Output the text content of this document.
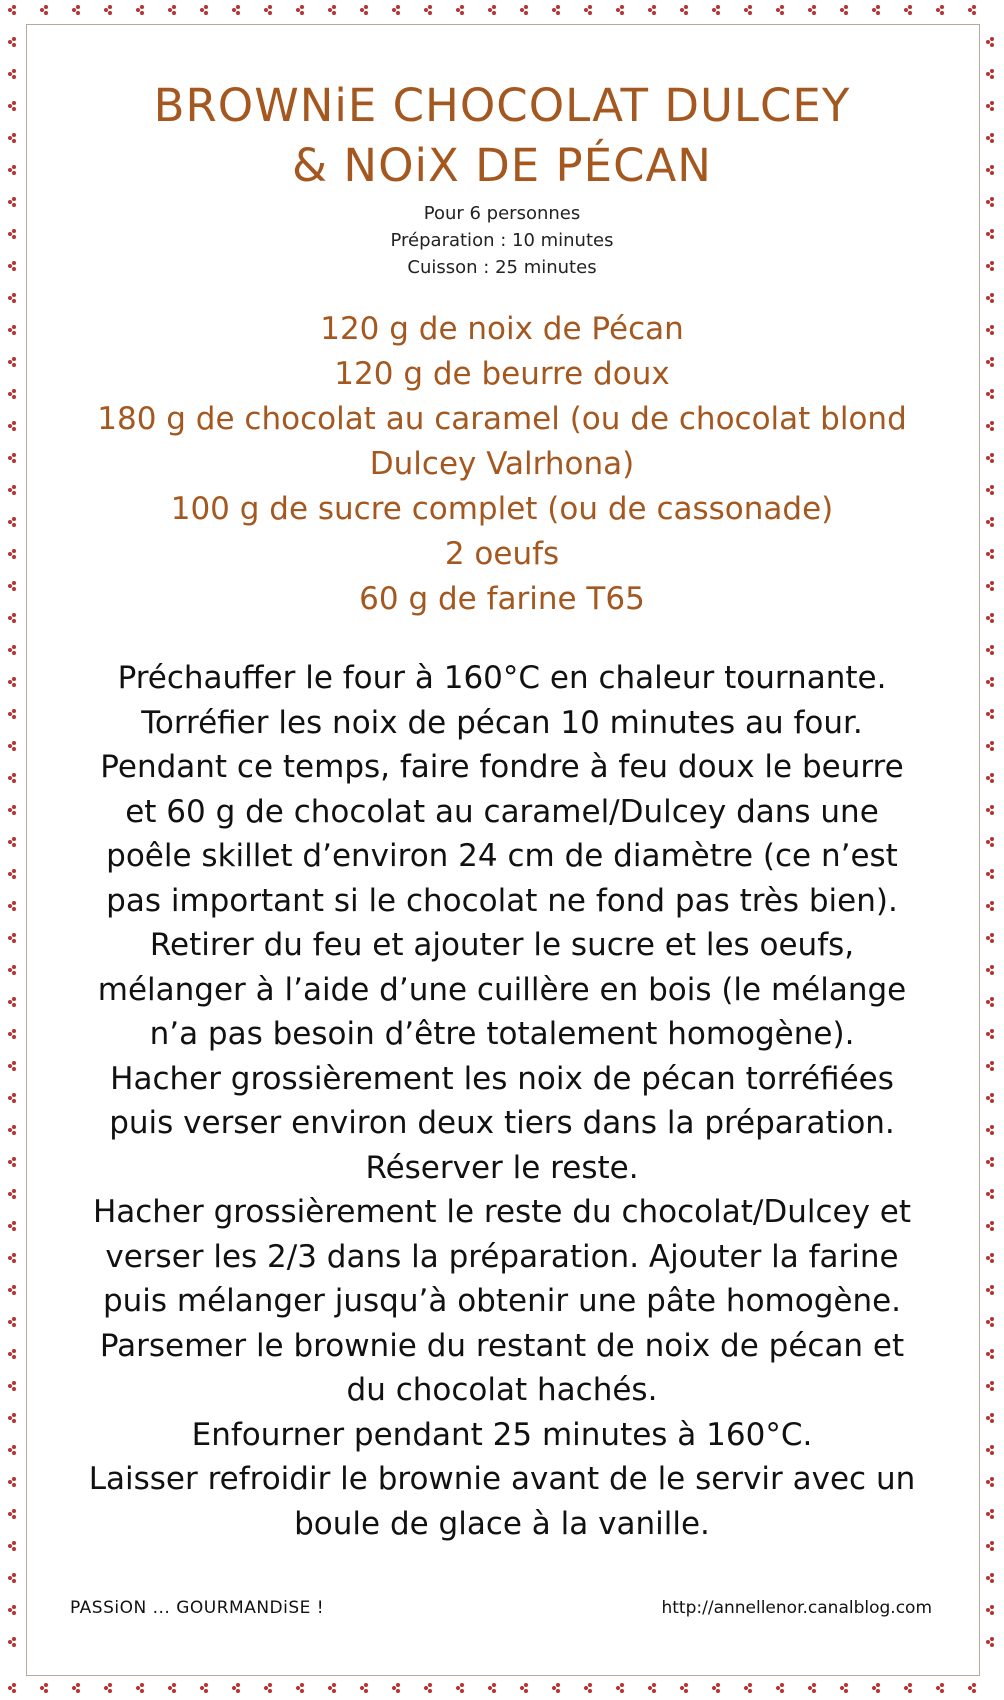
BROWNiE CHOCOLAT DULCEY
& NOiX DE PÉCAN
Pour 6 personnes
Préparation : 10 minutes
Cuisson : 25 minutes
120 g de noix de Pécan
120 g de beurre doux
180 g de chocolat au caramel (ou de chocolat blond
Dulcey Valrhona)
100 g de sucre complet (ou de cassonade)
2 oeufs
60 g de farine T65
Préchauffer le four à 160°C en chaleur tournante.
Torréfier les noix de pécan 10 minutes au four.
Pendant ce temps, faire fondre à feu doux le beurre
et 60 g de chocolat au caramel/Dulcey dans une
poêle skillet d’environ 24 cm de diamètre (ce n’est
pas important si le chocolat ne fond pas très bien).
Retirer du feu et ajouter le sucre et les oeufs,
mélanger à l’aide d’une cuillère en bois (le mélange
n’a pas besoin d’être totalement homogène).
Hacher grossièrement les noix de pécan torréfiées
puis verser environ deux tiers dans la préparation.
Réserver le reste.
Hacher grossièrement le reste du chocolat/Dulcey et
verser les 2/3 dans la préparation. Ajouter la farine
puis mélanger jusqu’à obtenir une pâte homogène.
Parsemer le brownie du restant de noix de pécan et
du chocolat hachés.
Enfourner pendant 25 minutes à 160°C.
Laisser refroidir le brownie avant de le servir avec un
boule de glace à la vanille.
PASSiON ... GOURMANDiSE !	http://annellenor.canalblog.com
